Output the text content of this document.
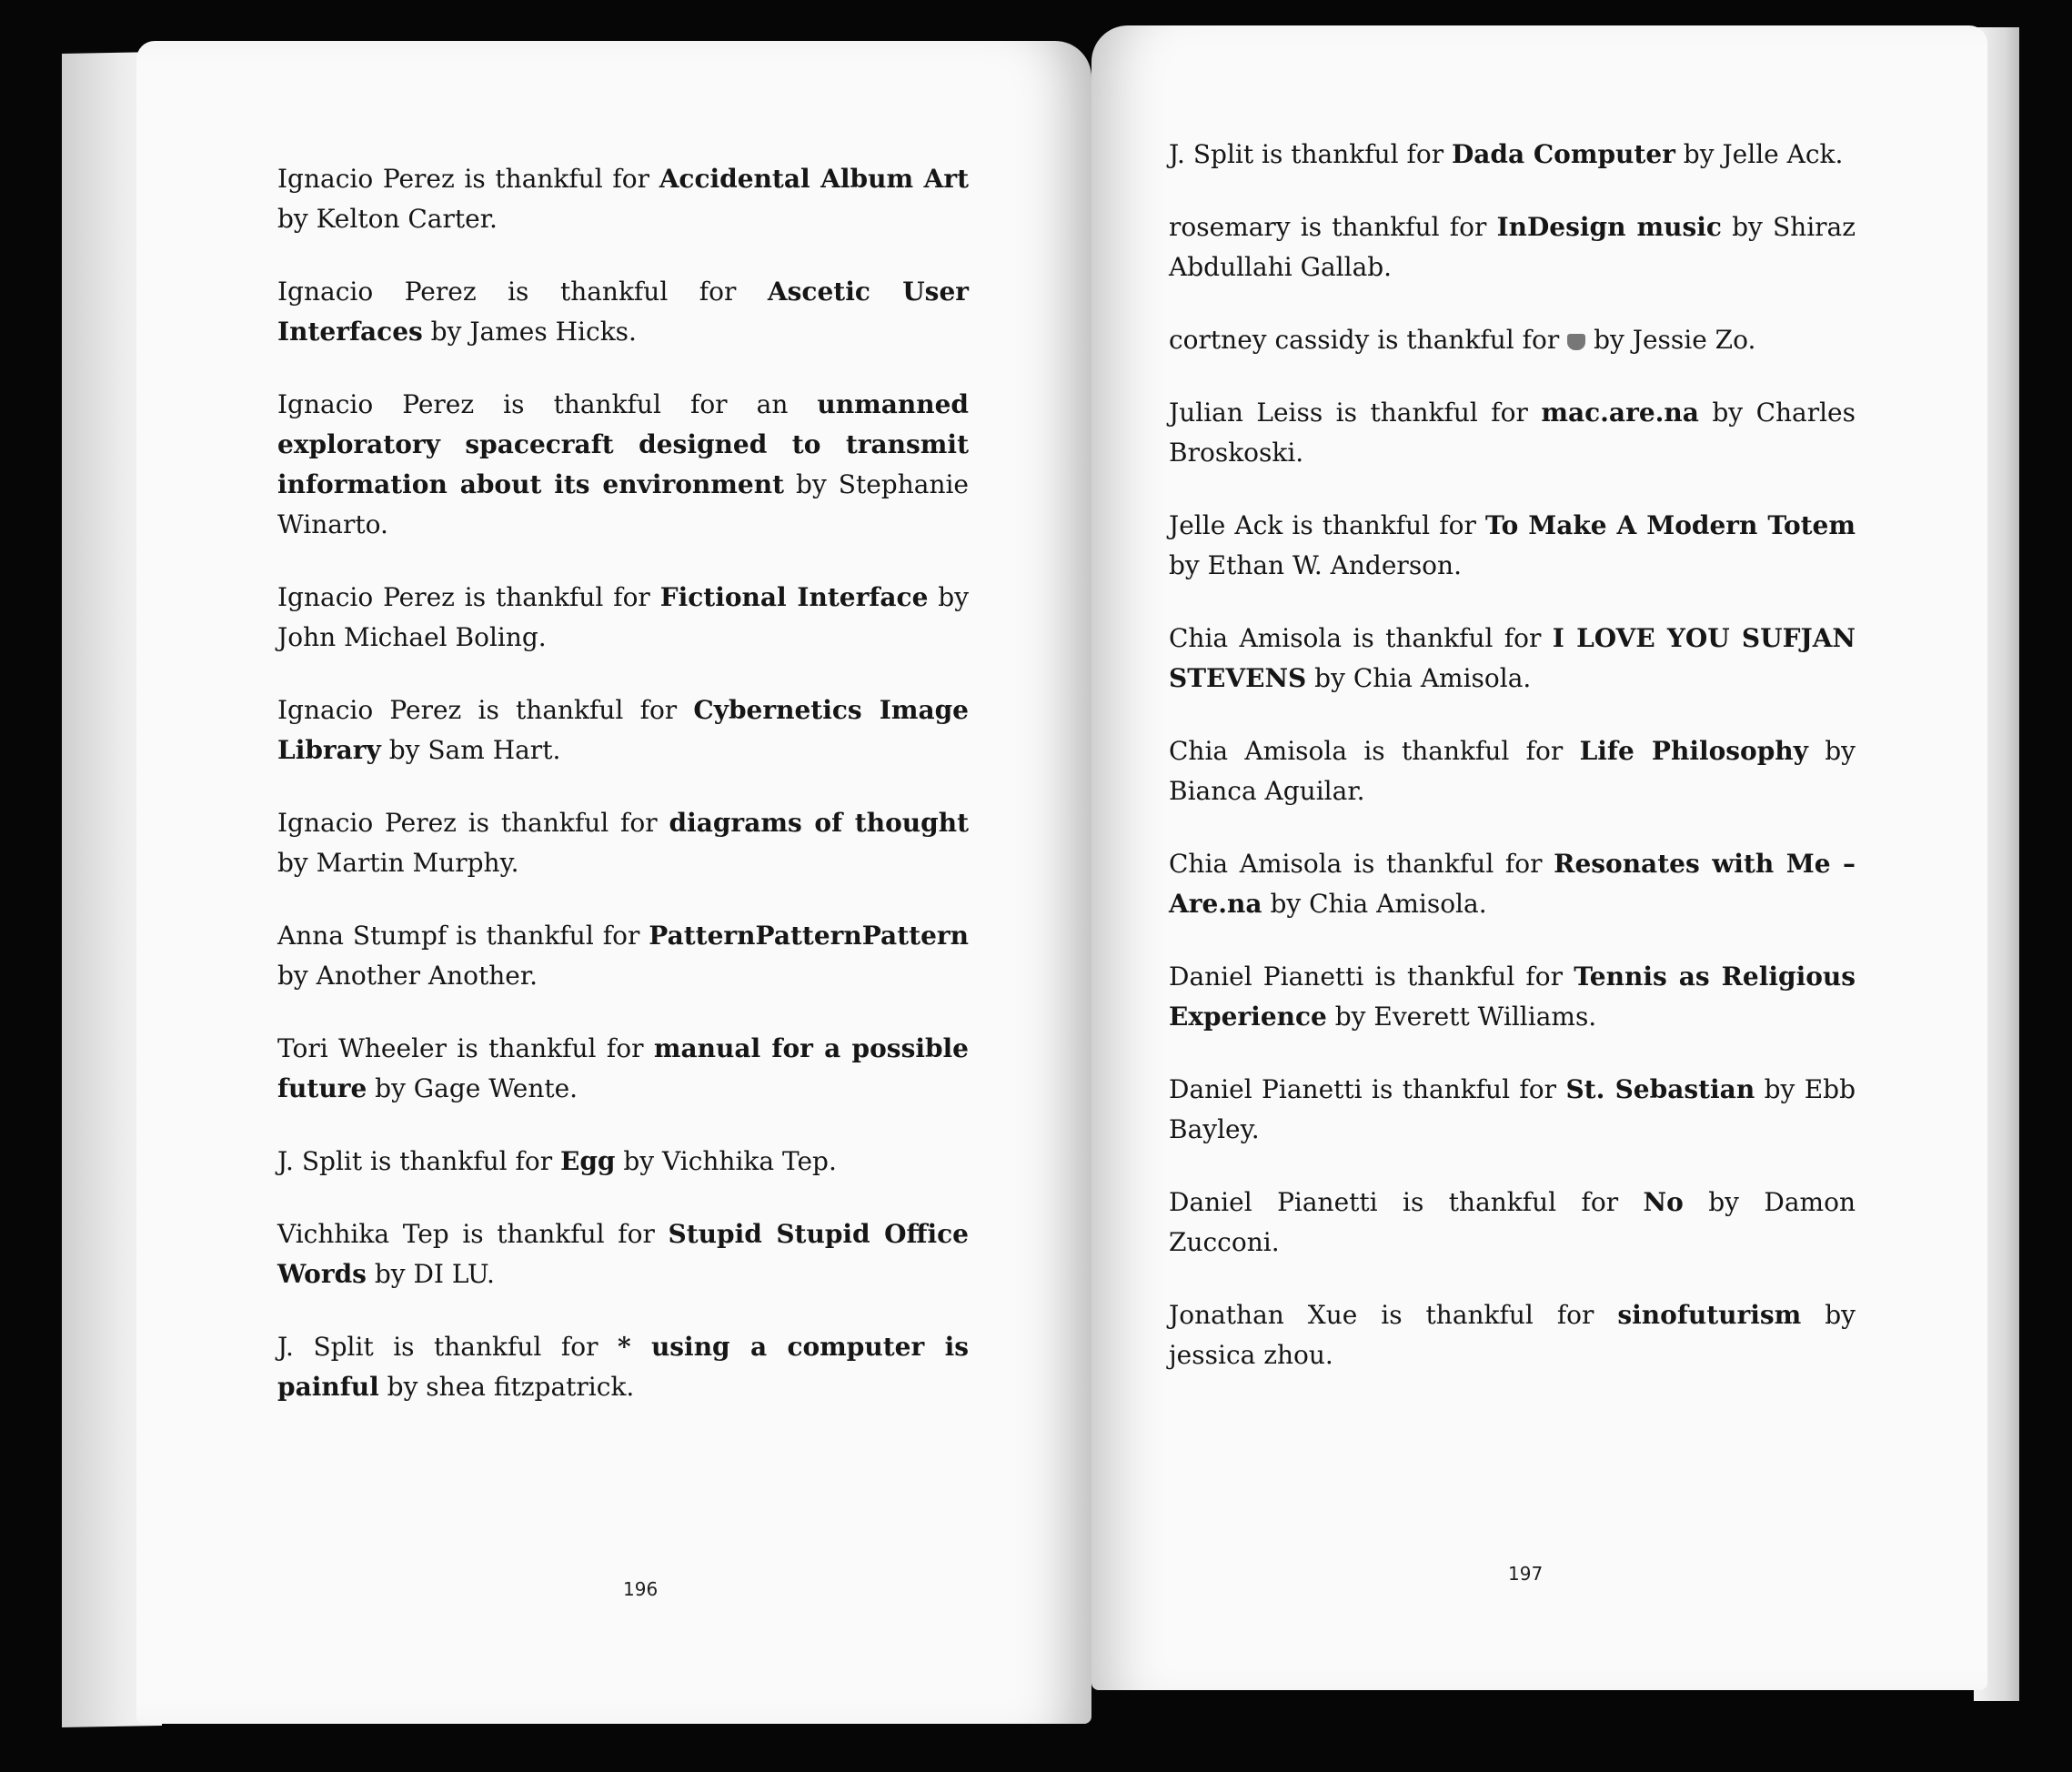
Ignacio Perez is thankful for Accidental Album Art by Kelton Carter.

Ignacio Perez is thankful for Ascetic User Interfaces by James Hicks.

Ignacio Perez is thankful for an unmanned exploratory spacecraft designed to transmit information about its environment by Stephanie Winarto.

Ignacio Perez is thankful for Fictional Interface by John Michael Boling.

Ignacio Perez is thankful for Cybernetics Image Library by Sam Hart.

Ignacio Perez is thankful for diagrams of thought by Martin Murphy.

Anna Stumpf is thankful for PatternPatternPattern by Another Another.

Tori Wheeler is thankful for manual for a possible future by Gage Wente.

J. Split is thankful for Egg by Vichhika Tep.

Vichhika Tep is thankful for Stupid Stupid Office Words by DI LU.

J. Split is thankful for * using a computer is painful by shea fitzpatrick.

196

J. Split is thankful for Dada Computer by Jelle Ack.

rosemary is thankful for InDesign music by Shiraz Abdullahi Gallab.

cortney cassidy is thankful for  by Jessie Zo.

Julian Leiss is thankful for mac.are.na by Charles Broskoski.

Jelle Ack is thankful for To Make A Modern Totem by Ethan W. Anderson.

Chia Amisola is thankful for I LOVE YOU SUFJAN STEVENS by Chia Amisola.

Chia Amisola is thankful for Life Philosophy by Bianca Aguilar.

Chia Amisola is thankful for Resonates with Me – Are.na by Chia Amisola.

Daniel Pianetti is thankful for Tennis as Religious Experience by Everett Williams.

Daniel Pianetti is thankful for St. Sebastian by Ebb Bayley.

Daniel Pianetti is thankful for No by Damon Zucconi.

Jonathan Xue is thankful for sinofuturism by jessica zhou.

197
